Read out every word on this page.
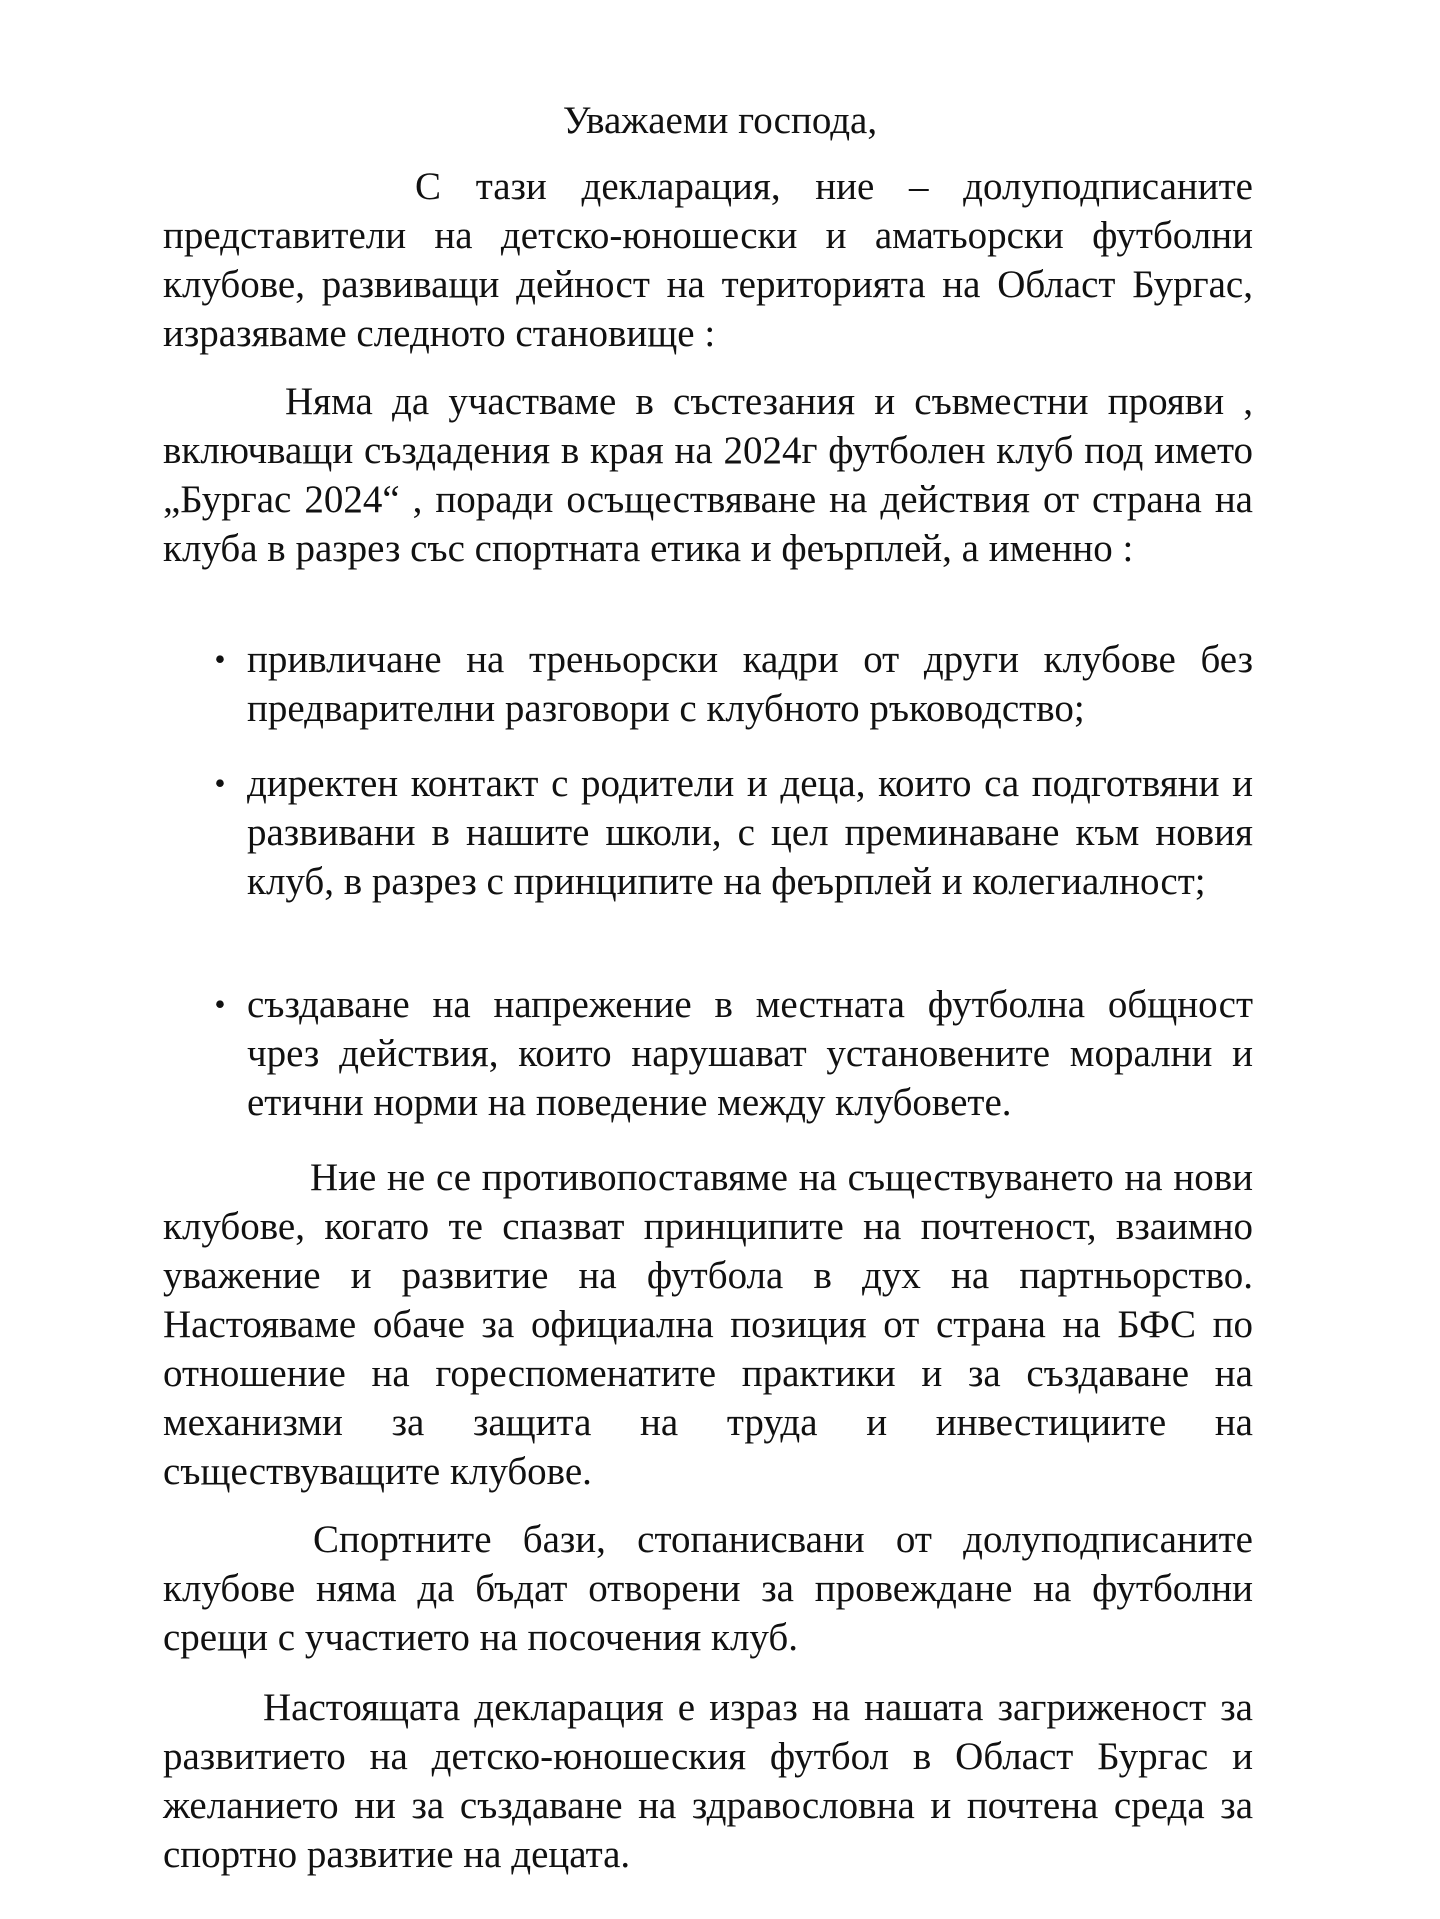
Уважаеми господа,
С тази декларация, ние – долуподписаните представители на детско-юношески и аматьорски футболни клубове, развиващи дейност на територията на Област Бургас, изразяваме следното становище :
Няма да участваме в състезания и съвместни прояви , включващи създадения в края на 2024г футболен клуб под името „Бургас 2024“ , поради осъществяване на действия от страна на клуба в разрез със спортната етика и феърплей, а именно :
• привличане на треньорски кадри от други клубове без предварителни разговори с клубното ръководство;
• директен контакт с родители и деца, които са подготвяни и развивани в нашите школи, с цел преминаване към новия клуб, в разрез с принципите на феърплей и колегиалност;
• създаване на напрежение в местната футболна общност чрез действия, които нарушават установените морални и етични норми на поведение между клубовете.
Ние не се противопоставяме на съществуването на нови клубове, когато те спазват принципите на почтеност, взаимно уважение и развитие на футбола в дух на партньорство. Настояваме обаче за официална позиция от страна на БФС по отношение на гореспоменатите практики и за създаване на механизми за защита на труда и инвестициите на съществуващите клубове.
Спортните бази, стопанисвани от долуподписаните клубове няма да бъдат отворени за провеждане на футболни срещи с участието на посочения клуб.
Настоящата декларация е израз на нашата загриженост за развитието на детско-юношеския футбол в Област Бургас и желанието ни за създаване на здравословна и почтена среда за спортно развитие на децата.
